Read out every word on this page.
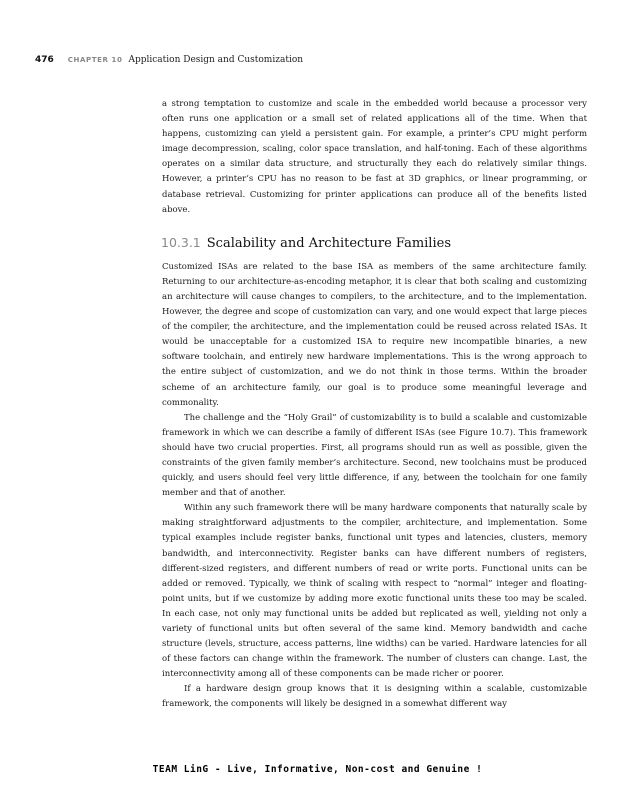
476 CHAPTER 10 Application Design and Customization

a strong temptation to customize and scale in the embedded world because a processor very often runs one application or a small set of related applications all of the time. When that happens, customizing can yield a persistent gain. For example, a printer’s CPU might perform image decompression, scaling, color space translation, and half-toning. Each of these algorithms operates on a similar data structure, and structurally they each do relatively similar things. However, a printer’s CPU has no reason to be fast at 3D graphics, or linear programming, or database retrieval. Customizing for printer applications can produce all of the benefits listed above.

10.3.1 Scalability and Architecture Families

Customized ISAs are related to the base ISA as members of the same architecture family. Returning to our architecture-as-encoding metaphor, it is clear that both scaling and customizing an architecture will cause changes to compilers, to the architecture, and to the implementation. However, the degree and scope of customization can vary, and one would expect that large pieces of the compiler, the architecture, and the implementation could be reused across related ISAs. It would be unacceptable for a customized ISA to require new incompatible binaries, a new software toolchain, and entirely new hardware implementations. This is the wrong approach to the entire subject of customization, and we do not think in those terms. Within the broader scheme of an architecture family, our goal is to produce some meaningful leverage and commonality.

The challenge and the “Holy Grail” of customizability is to build a scalable and customizable framework in which we can describe a family of different ISAs (see Figure 10.7). This framework should have two crucial properties. First, all programs should run as well as possible, given the constraints of the given family member’s architecture. Second, new toolchains must be produced quickly, and users should feel very little difference, if any, between the toolchain for one family member and that of another.

Within any such framework there will be many hardware components that naturally scale by making straightforward adjustments to the compiler, architecture, and implementation. Some typical examples include register banks, functional unit types and latencies, clusters, memory bandwidth, and interconnectivity. Register banks can have different numbers of registers, different-sized registers, and different numbers of read or write ports. Functional units can be added or removed. Typically, we think of scaling with respect to “normal” integer and floating-point units, but if we customize by adding more exotic functional units these too may be scaled. In each case, not only may functional units be added but replicated as well, yielding not only a variety of functional units but often several of the same kind. Memory bandwidth and cache structure (levels, structure, access patterns, line widths) can be varied. Hardware latencies for all of these factors can change within the framework. The number of clusters can change. Last, the interconnectivity among all of these components can be made richer or poorer.

If a hardware design group knows that it is designing within a scalable, customizable framework, the components will likely be designed in a somewhat different way

TEAM LinG - Live, Informative, Non-cost and Genuine !
